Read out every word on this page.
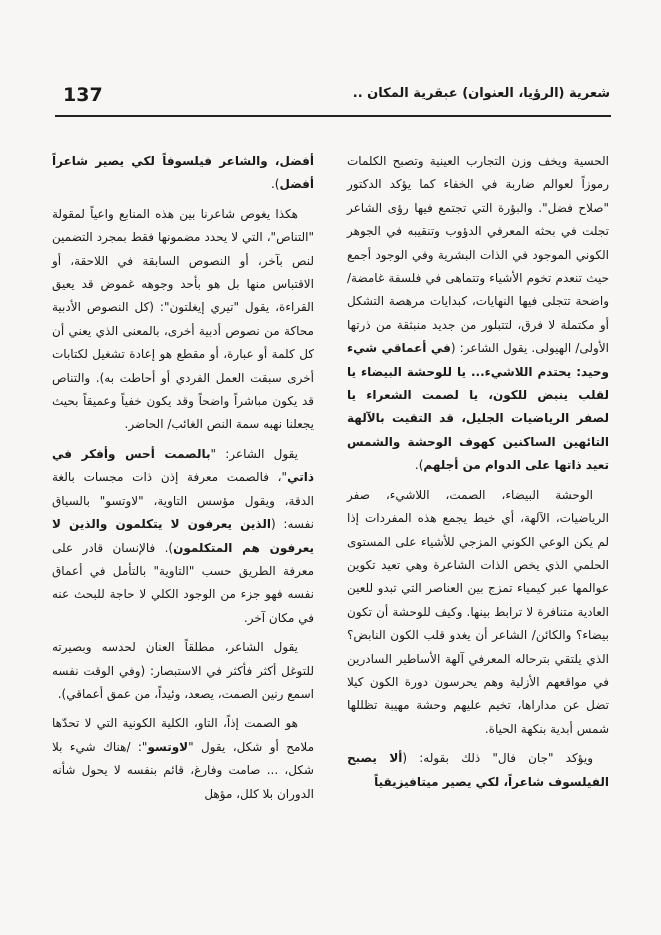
137	شعرية (الرؤيا، العنوان) عبقرية المكان ..

الحسية ويخف وزن التجارب العينية وتصبح الكلمات رموزاً لعوالم ضاربة في الخفاء كما يؤكد الدكتور "صلاح فضل". والبؤرة التي تجتمع فيها رؤى الشاعر تجلت في بحثه المعرفي الدؤوب وتنقيبه في الجوهر الكوني الموجود في الذات البشرية وفي الوجود أجمع حيث تنعدم تخوم الأشياء وتتماهى في فلسفة غامضة/ واضحة تتجلى فيها النهايات، كبدايات مرهصة التشكل أو مكتملة لا فرق، لتتبلور من جديد منبثقة من ذرتها الأولى/ الهيولى. يقول الشاعر: (في أعماقي شيء وحيد: يحتدم اللاشيء... يا للوحشة البيضاء يا لقلب ينبض للكون، يا لصمت الشعراء يا لصفر الرياضيات الجليل، قد التقيت بالآلهة التائهين الساكنين كهوف الوحشة والشمس تعيد ذاتها على الدوام من أجلهم).

الوحشة البيضاء، الصمت، اللاشيء، صفر الرياضيات، الآلهة، أي خيط يجمع هذه المفردات إذا لم يكن الوعي الكوني المزجي للأشياء على المستوى الحلمي الذي يخص الذات الشاعرة وهي تعيد تكوين عوالمها عبر كيمياء تمزج بين العناصر التي تبدو للعين العادية متنافرة لا ترابط بينها. وكيف للوحشة أن تكون بيضاء؟ والكائن/ الشاعر أن يغدو قلب الكون النابض؟ الذي يلتقي بترحاله المعرفي آلهة الأساطير السادرين في مواقعهم الأزلية وهم يحرسون دورة الكون كيلا تضل عن مداراها، تخيم عليهم وحشة مهيبة تظللها شمس أبدية بنكهة الحياة.

ويؤكد "جان فال" ذلك بقوله: (ألا يصبح الفيلسوف شاعراً، لكي يصير ميتافيزيقياً

أفضل، والشاعر فيلسوفاً لكي يصير شاعراً أفضل).

هكذا يغوص شاعرنا بين هذه المنابع واعياً لمقولة "التناص"، التي لا يحدد مضمونها فقط بمجرد التضمين لنص بآخر، أو النصوص السابقة في اللاحقة، أو الاقتباس منها بل هو بأحد وجوهه غموض قد يعيق القراءة، يقول "تيري إيغلتون": (كل النصوص الأدبية محاكة من نصوص أدبية أخرى، بالمعنى الذي يعني أن كل كلمة أو عبارة، أو مقطع هو إعادة تشغيل لكتابات أخرى سبقت العمل الفردي أو أحاطت به). والتناص قد يكون مباشراً واضحاً وقد يكون خفياً وعميقاً بحيث يجعلنا نهبه سمة النص الغائب/ الحاضر.

يقول الشاعر: "بالصمت أحس وأفكر في ذاتي"، فالصمت معرفة إذن ذات مجسات بالغة الدقة، ويقول مؤسس التاوية، "لاوتسو" بالسياق نفسه: (الذين يعرفون لا يتكلمون والذين لا يعرفون هم المتكلمون). فالإنسان قادر على معرفة الطريق حسب "التاوية" بالتأمل في أعماق نفسه فهو جزء من الوجود الكلي لا حاجة للبحث عنه في مكان آخر.

يقول الشاعر، مطلقاً العنان لحدسه وبصيرته للتوغل أكثر فأكثر في الاستبصار: (وفي الوقت نفسه اسمع رنين الصمت، يصعد، وئيداً، من عمق أعماقي).

هو الصمت إذاً، التاو، الكلية الكونية التي لا تحدّها ملامح أو شكل، يقول "لاوتسو": /هناك شيء بلا شكل، ... صامت وفارغ، قائم بنفسه لا يحول شأنه الدوران بلا كلل، مؤهل
